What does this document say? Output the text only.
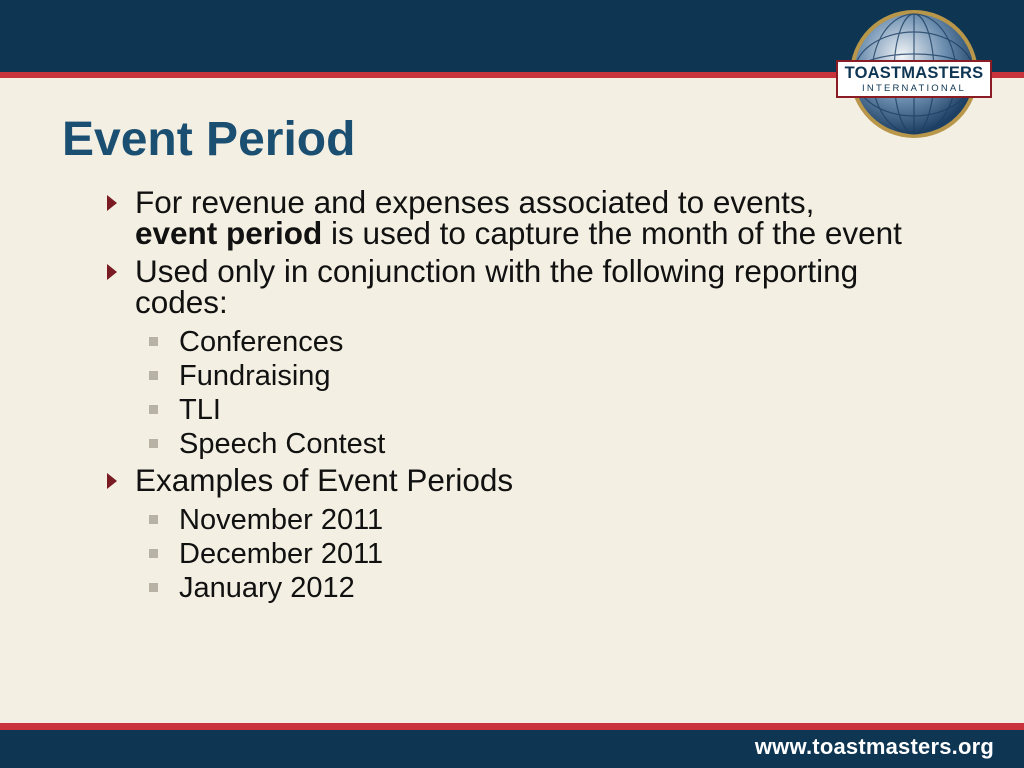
TOASTMASTERS
INTERNATIONAL
Event Period
For revenue and expenses associated to events,
event period is used to capture the month of the event
Used only in conjunction with the following reporting codes:
Conferences
Fundraising
TLI
Speech Contest
Examples of Event Periods
November 2011
December 2011
January 2012
www.toastmasters.org
